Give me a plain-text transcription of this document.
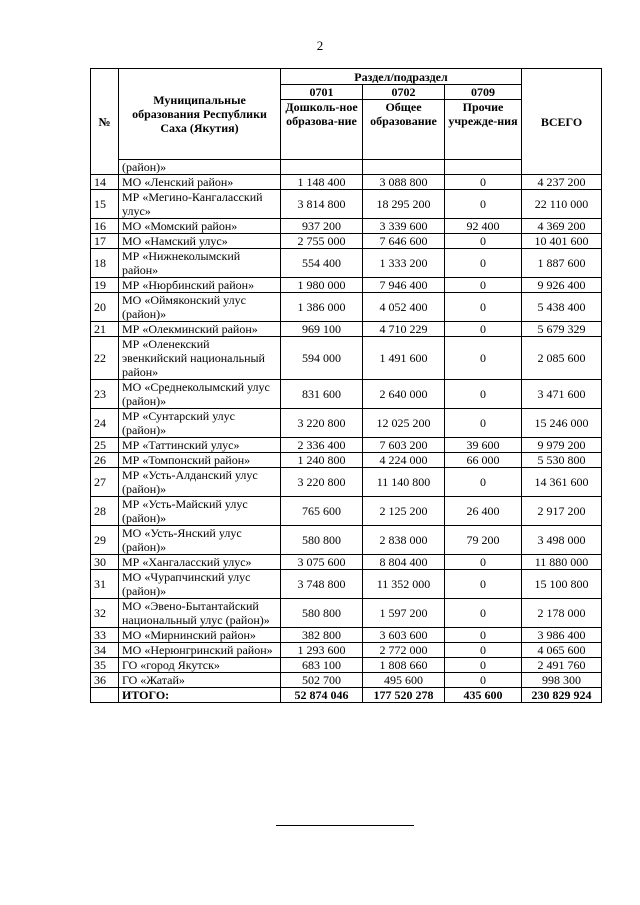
2
№	Муниципальные образования Республики Саха (Якутия)	Раздел/подраздел			ВСЕГО
		0701	0702	0709	
		Дошколь-ное образова-ние	Общее образование	Прочие учрежде-ния	
	(район)»				
14	МО «Ленский район»	1 148 400	3 088 800	0	4 237 200
15	МР «Мегино-Кангаласский улус»	3 814 800	18 295 200	0	22 110 000
16	МО «Момский район»	937 200	3 339 600	92 400	4 369 200
17	МО «Намский улус»	2 755 000	7 646 600	0	10 401 600
18	МР «Нижнеколымский район»	554 400	1 333 200	0	1 887 600
19	МР «Нюрбинский район»	1 980 000	7 946 400	0	9 926 400
20	МО «Оймяконский улус (район)»	1 386 000	4 052 400	0	5 438 400
21	МР «Олекминский район»	969 100	4 710 229	0	5 679 329
22	МР «Оленекский эвенкийский национальный район»	594 000	1 491 600	0	2 085 600
23	МО «Среднеколымский улус (район)»	831 600	2 640 000	0	3 471 600
24	МР «Сунтарский улус (район)»	3 220 800	12 025 200	0	15 246 000
25	МР «Таттинский улус»	2 336 400	7 603 200	39 600	9 979 200
26	МР «Томпонский район»	1 240 800	4 224 000	66 000	5 530 800
27	МР «Усть-Алданский улус (район)»	3 220 800	11 140 800	0	14 361 600
28	МР «Усть-Майский улус (район)»	765 600	2 125 200	26 400	2 917 200
29	МО «Усть-Янский улус (район)»	580 800	2 838 000	79 200	3 498 000
30	МР «Хангаласский улус»	3 075 600	8 804 400	0	11 880 000
31	МО «Чурапчинский улус (район)»	3 748 800	11 352 000	0	15 100 800
32	МО «Эвено-Бытантайский национальный улус (район)»	580 800	1 597 200	0	2 178 000
33	МО «Мирнинский район»	382 800	3 603 600	0	3 986 400
34	МО «Нерюнгринский район»	1 293 600	2 772 000	0	4 065 600
35	ГО «город Якутск»	683 100	1 808 660	0	2 491 760
36	ГО «Жатай»	502 700	495 600	0	998 300
	ИТОГО:	52 874 046	177 520 278	435 600	230 829 924
